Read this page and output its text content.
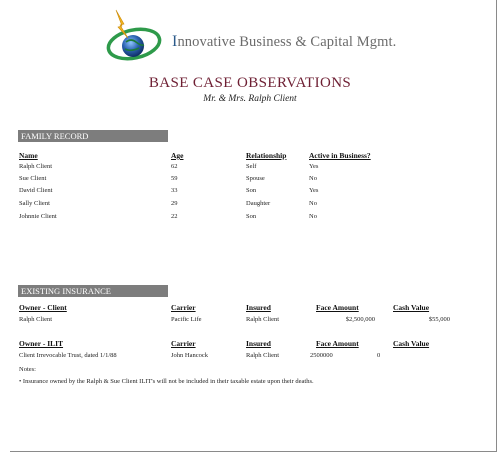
Innovative Business & Capital Mgmt.
BASE CASE OBSERVATIONS
Mr. & Mrs. Ralph Client
FAMILY RECORD
Name	Age	Relationship	Active in Business?
Ralph Client	62	Self	Yes
Sue Client	59	Spouse	No
David Client	33	Son	Yes
Sally Client	29	Daughter	No
Johnnie Client	22	Son	No
EXISTING INSURANCE
Owner - Client	Carrier	Insured	Face Amount	Cash Value
Ralph Client	Pacific Life	Ralph Client	$2,500,000	$55,000
Owner - ILIT	Carrier	Insured	Face Amount	Cash Value
Client Irrevocable Trust, dated 1/1/88	John Hancock	Ralph Client	2500000	0
Notes:
• Insurance owned by the Ralph & Sue Client ILIT's will not be included in their taxable estate upon their deaths.
